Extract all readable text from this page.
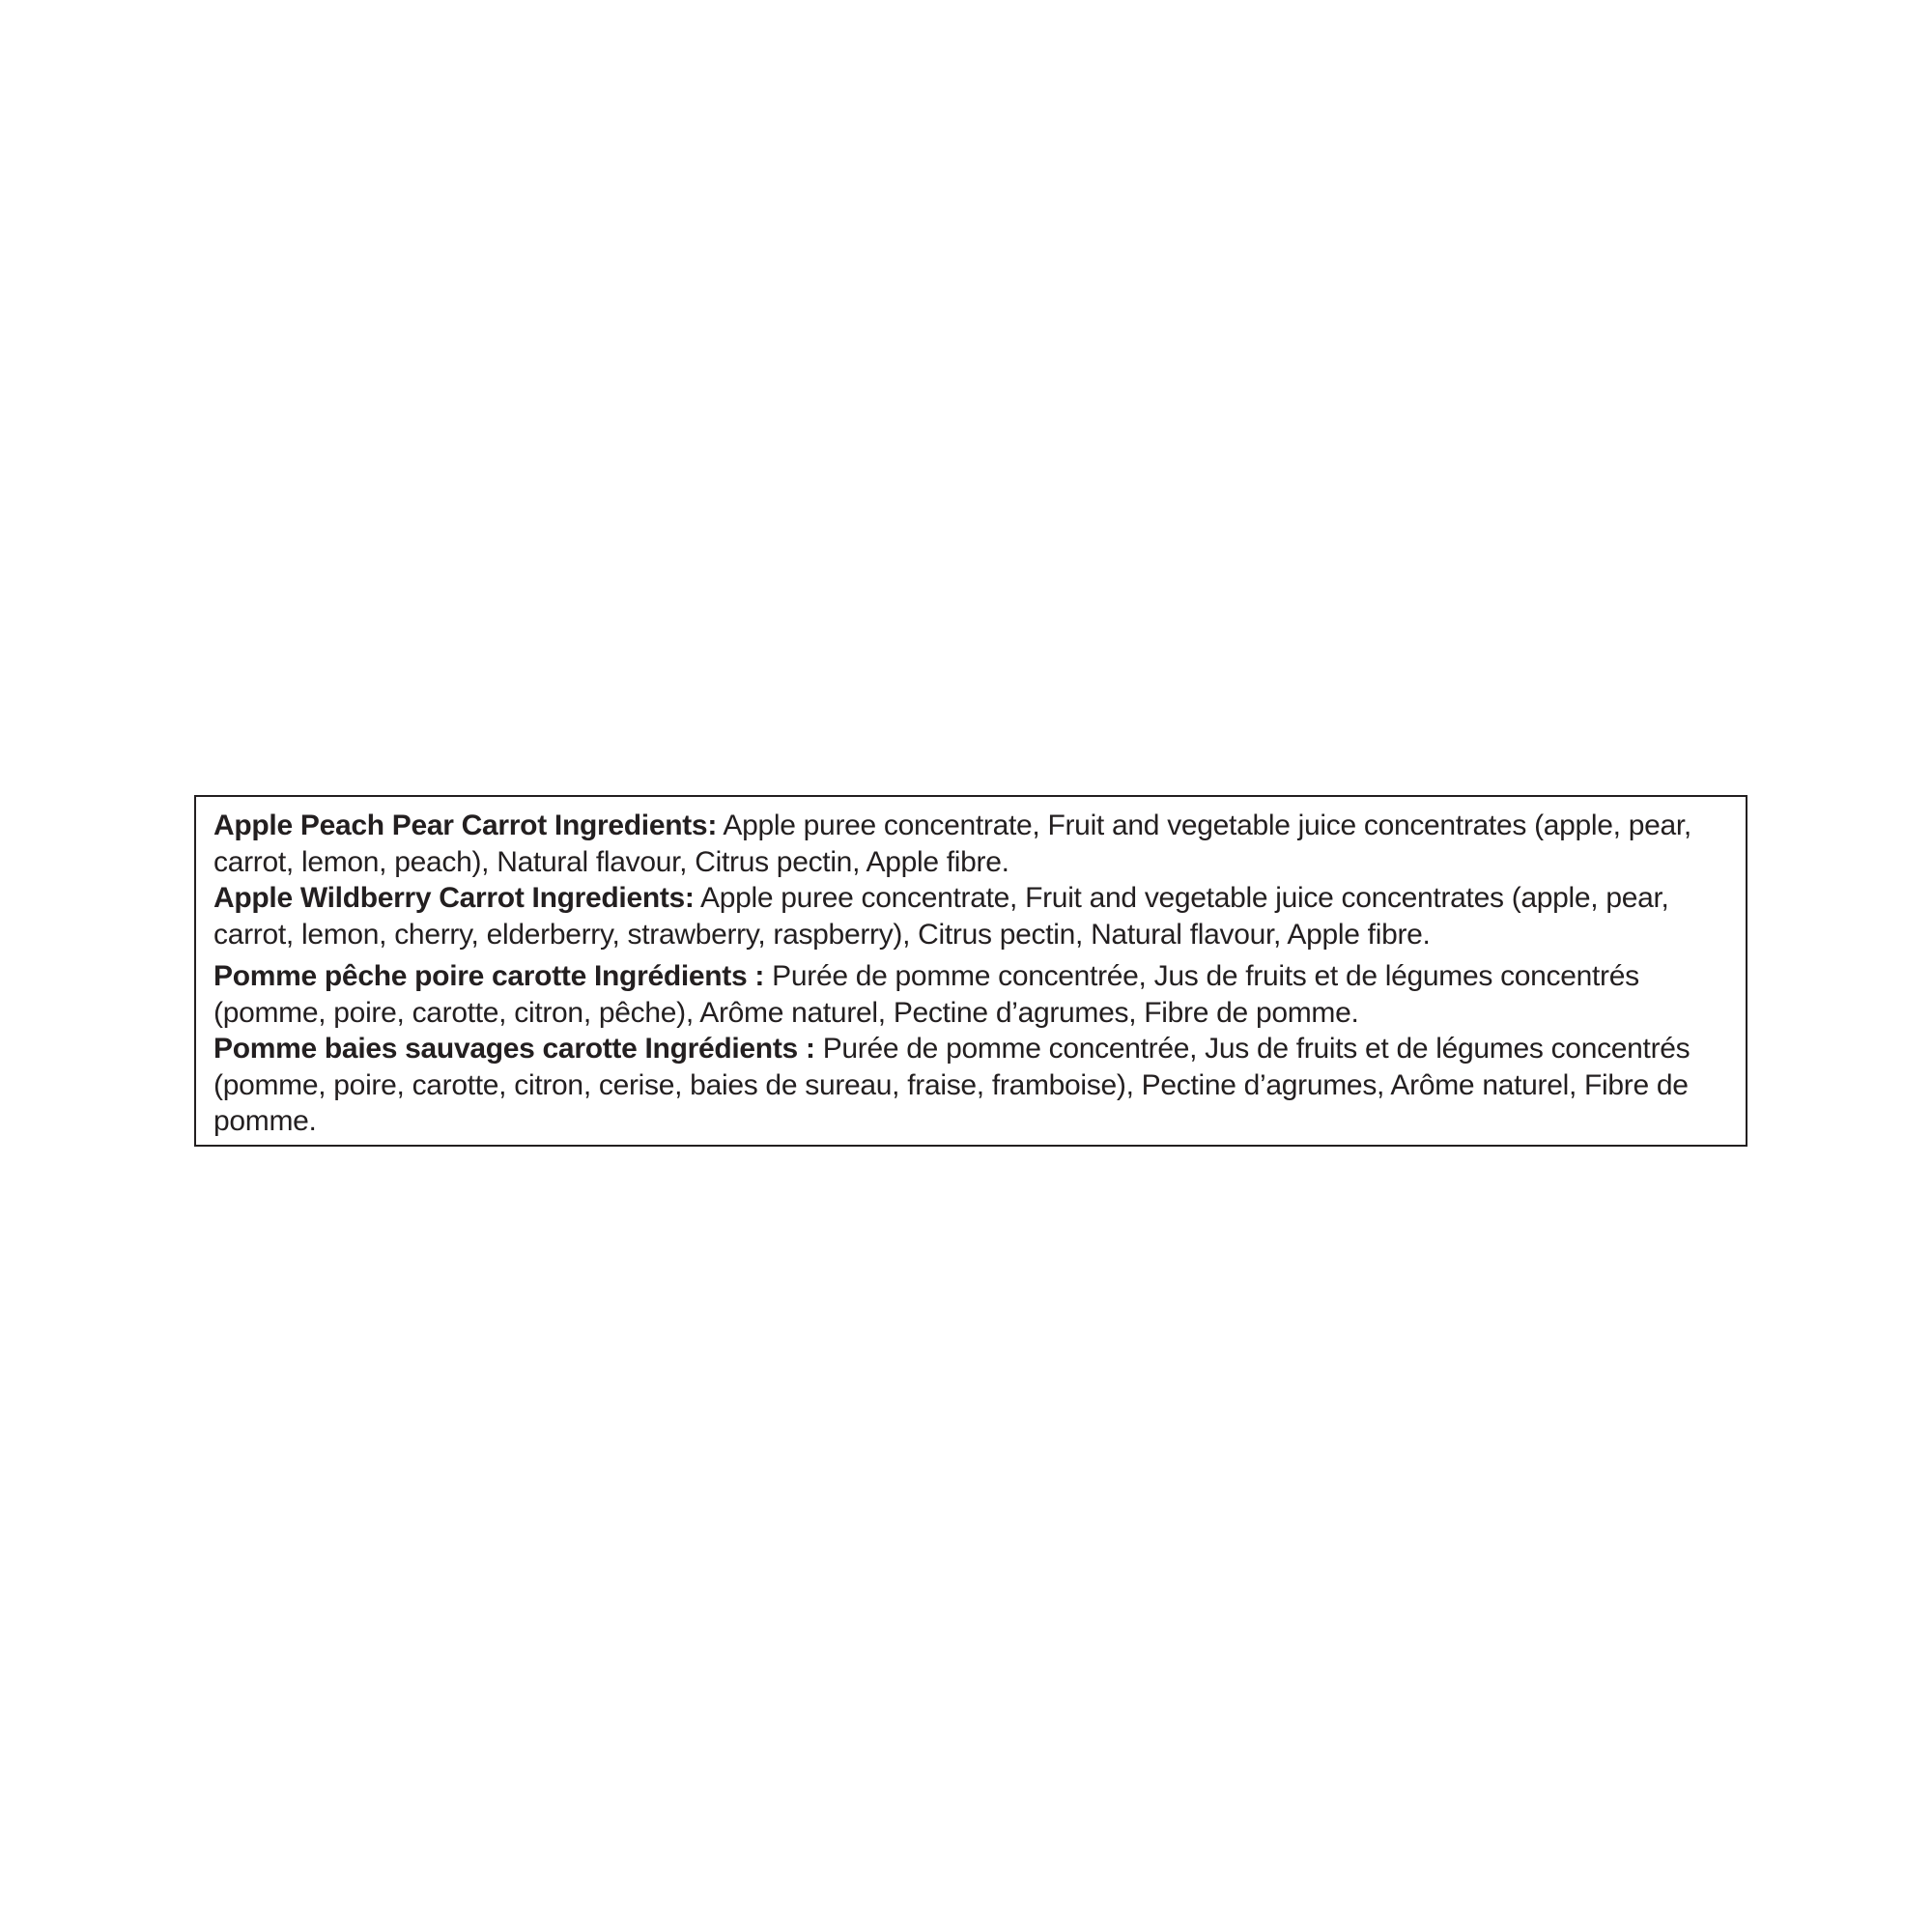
Apple Peach Pear Carrot Ingredients: Apple puree concentrate, Fruit and vegetable juice concentrates (apple, pear, carrot, lemon, peach), Natural flavour, Citrus pectin, Apple fibre.

Apple Wildberry Carrot Ingredients: Apple puree concentrate, Fruit and vegetable juice concentrates (apple, pear, carrot, lemon, cherry, elderberry, strawberry, raspberry), Citrus pectin, Natural flavour, Apple fibre.

Pomme pêche poire carotte Ingrédients : Purée de pomme concentrée, Jus de fruits et de légumes concentrés (pomme, poire, carotte, citron, pêche), Arôme naturel, Pectine d’agrumes, Fibre de pomme.

Pomme baies sauvages carotte Ingrédients : Purée de pomme concentrée, Jus de fruits et de légumes concentrés (pomme, poire, carotte, citron, cerise, baies de sureau, fraise, framboise), Pectine d’agrumes, Arôme naturel, Fibre de pomme.
